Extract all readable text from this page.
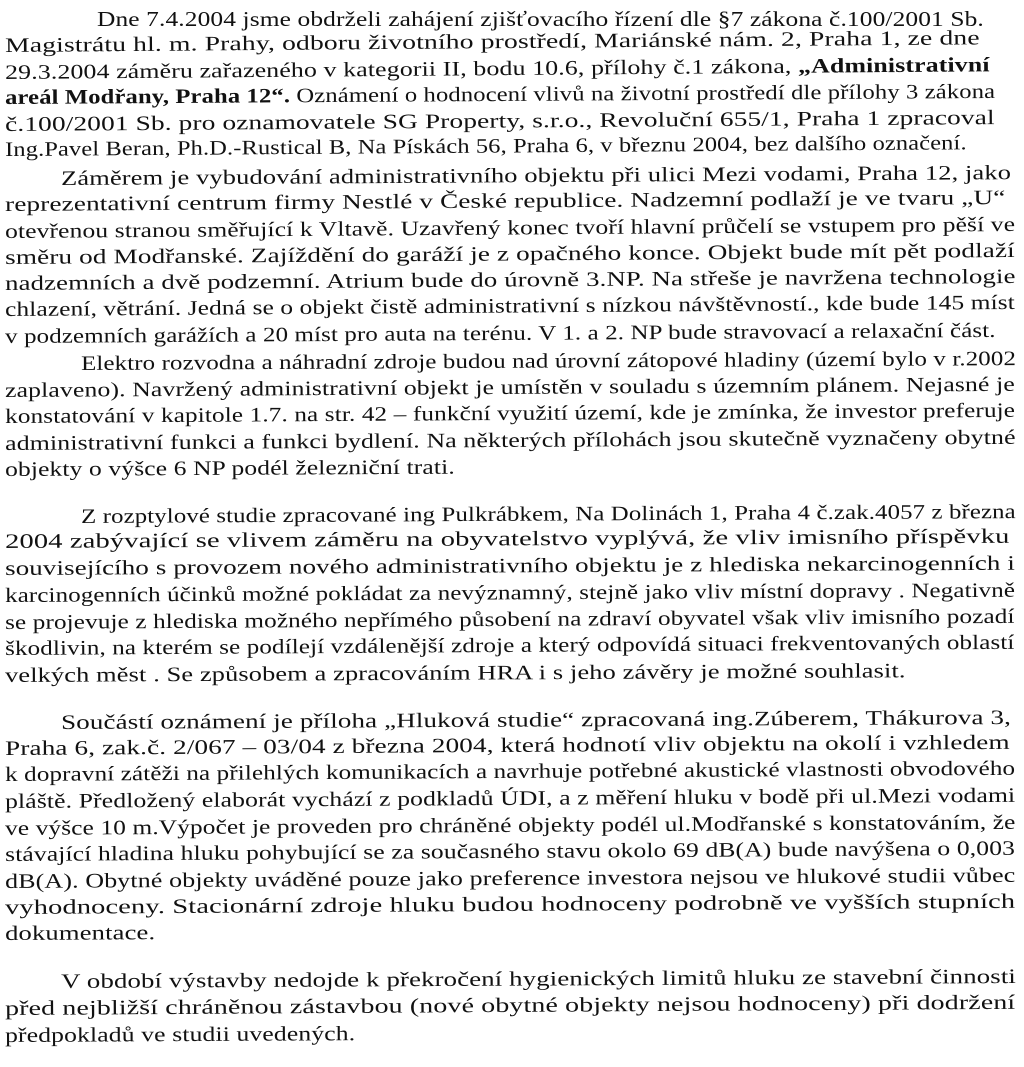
Dne 7.4.2004 jsme obdrželi zahájení zjišťovacího řízení dle §7 zákona č.100/2001 Sb.
Magistrátu hl. m. Prahy, odboru životního prostředí, Mariánské nám. 2, Praha 1, ze dne
29.3.2004 záměru zařazeného v kategorii II, bodu 10.6, přílohy č.1 zákona, „Administrativní
areál Modřany, Praha 12“. Oznámení o hodnocení vlivů na životní prostředí dle přílohy 3 zákona
č.100/2001 Sb. pro oznamovatele SG Property, s.r.o., Revoluční 655/1, Praha 1 zpracoval
Ing.Pavel Beran, Ph.D.-Rustical B, Na Pískách 56, Praha 6, v březnu 2004, bez dalšího označení.
Záměrem je vybudování administrativního objektu při ulici Mezi vodami, Praha 12, jako
reprezentativní centrum firmy Nestlé v České republice. Nadzemní podlaží je ve tvaru „U“
otevřenou stranou směřující k Vltavě. Uzavřený konec tvoří hlavní průčelí se vstupem pro pěší ve
směru od Modřanské. Zajíždění do garáží je z opačného konce. Objekt bude mít pět podlaží
nadzemních a dvě podzemní. Atrium bude do úrovně 3.NP. Na střeše je navržena technologie
chlazení, větrání. Jedná se o objekt čistě administrativní s nízkou návštěvností., kde bude 145 míst
v podzemních garážích a 20 míst pro auta na terénu. V 1. a 2. NP bude stravovací a relaxační část.
Elektro rozvodna a náhradní zdroje budou nad úrovní zátopové hladiny (území bylo v r.2002
zaplaveno). Navržený administrativní objekt je umístěn v souladu s územním plánem. Nejasné je
konstatování v kapitole 1.7. na str. 42 – funkční využití území, kde je zmínka, že investor preferuje
administrativní funkci a funkci bydlení. Na některých přílohách jsou skutečně vyznačeny obytné
objekty o výšce 6 NP podél železniční trati.
Z rozptylové studie zpracované ing Pulkrábkem, Na Dolinách 1, Praha 4 č.zak.4057 z března
2004 zabývající se vlivem záměru na obyvatelstvo vyplývá, že vliv imisního příspěvku
souvisejícího s provozem nového administrativního objektu je z hlediska nekarcinogenních i
karcinogenních účinků možné pokládat za nevýznamný, stejně jako vliv místní dopravy . Negativně
se projevuje z hlediska možného nepřímého působení na zdraví obyvatel však vliv imisního pozadí
škodlivin, na kterém se podílejí vzdálenější zdroje a který odpovídá situaci frekventovaných oblastí
velkých měst . Se způsobem a zpracováním HRA i s jeho závěry je možné souhlasit.
Součástí oznámení je příloha „Hluková studie“ zpracovaná ing.Zúberem, Thákurova 3,
Praha 6, zak.č. 2/067 – 03/04 z března 2004, která hodnotí vliv objektu na okolí i vzhledem
k dopravní zátěži na přilehlých komunikacích a navrhuje potřebné akustické vlastnosti obvodového
pláště. Předložený elaborát vychází z podkladů ÚDI, a z měření hluku v bodě při ul.Mezi vodami
ve výšce 10 m.Výpočet je proveden pro chráněné objekty podél ul.Modřanské s konstatováním, že
stávající hladina hluku pohybující se za současného stavu okolo 69 dB(A) bude navýšena o 0,003
dB(A). Obytné objekty uváděné pouze jako preference investora nejsou ve hlukové studii vůbec
vyhodnoceny. Stacionární zdroje hluku budou hodnoceny podrobně ve vyšších stupních
dokumentace.
V období výstavby nedojde k překročení hygienických limitů hluku ze stavební činnosti
před nejbližší chráněnou zástavbou (nové obytné objekty nejsou hodnoceny) při dodržení
předpokladů ve studii uvedených.
